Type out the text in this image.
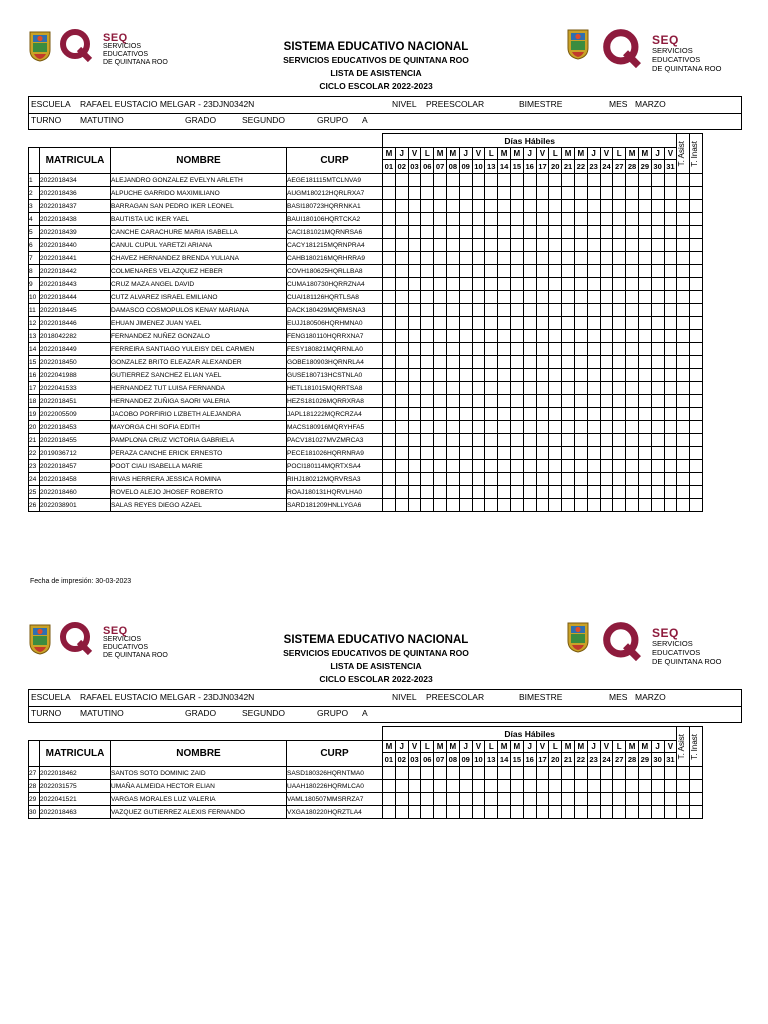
SEQ
SERVICIOS
EDUCATIVOS
DE QUINTANA ROO
SISTEMA EDUCATIVO NACIONAL
SERVICIOS EDUCATIVOS DE QUINTANA ROO
LISTA DE ASISTENCIA
CICLO ESCOLAR 2022-2023
SEQ
SERVICIOS
EDUCATIVOS
DE QUINTANA ROO
ESCUELA RAFAEL EUSTACIO MELGAR - 23DJN0342N	NIVEL PREESCOLAR	BIMESTRE	MES MARZO
TURNO MATUTINO	GRADO	SEGUNDO	GRUPO A
				Días Hábiles																							T. Asist	T. Inast

	MATRICULA	NOMBRE	CURP	M	J	V	L	M	M	J	V	L	M	M	J	V	L	M	M	J	V	L	M	M	J	V		
				01	02	03	06	07	08	09	10	13	14	15	16	17	20	21	22	23	24	27	28	29	30	31		
1	2022018434	ALEJANDRO GONZALEZ EVELYN ARLETH	AEGE181115MTCLNVA9																									
2	2022018436	ALPUCHE GARRIDO MAXIMILIANO	AUGM180212HQRLRXA7																									
3	2022018437	BARRAGAN SAN PEDRO IKER LEONEL	BASI180723HQRRNKA1																									
4	2022018438	BAUTISTA UC IKER YAEL	BAUI180106HQRTCKA2																									
5	2022018439	CANCHE CARACHURE MARIA ISABELLA	CACI181021MQRNRSA6																									
6	2022018440	CANUL CUPUL YARETZI ARIANA	CACY181215MQRNPRA4																									
7	2022018441	CHAVEZ HERNANDEZ BRENDA YULIANA	CAHB180216MQRHRRA9																									
8	2022018442	COLMENARES VELAZQUEZ HEBER	COVH180625HQRLLBA8																									
9	2022018443	CRUZ MAZA ANGEL DAVID	CUMA180730HQRRZNA4																									
10	2022018444	CUTZ ALVAREZ ISRAEL EMILIANO	CUAI181126HQRTLSA8																									
11	2022018445	DAMASCO COSMOPULOS KENAY MARIANA	DACK180429MQRMSNA3																									
12	2022018446	EHUAN JIMENEZ JUAN YAEL	EUJJ180506HQRHMNA0																									
13	2018042282	FERNANDEZ NUÑEZ GONZALO	FENG180110HQRRXNA7																									
14	2022018449	FERREIRA SANTIAGO YULEISY DEL CARMEN	FESY180821MQRRNLA0																									
15	2022018450	GONZALEZ BRITO ELEAZAR ALEXANDER	GOBE180903HQRNRLA4																									
16	2022041988	GUTIERREZ SANCHEZ ELIAN YAEL	GUSE180713HCSTNLA0																									
17	2022041533	HERNANDEZ TUT LUISA FERNANDA	HETL181015MQRRTSA8																									
18	2022018451	HERNANDEZ ZUÑIGA SAORI VALERIA	HEZS181026MQRRXRA8																									
19	2022005509	JACOBO PORFIRIO LIZBETH ALEJANDRA	JAPL181222MQRCRZA4																									
20	2022018453	MAYORGA CHI SOFIA EDITH	MACS180916MQRYHFA5																									
21	2022018455	PAMPLONA CRUZ VICTORIA GABRIELA	PACV181027MVZMRCA3																									
22	2019036712	PERAZA CANCHE ERICK ERNESTO	PECE181026HQRRNRA9																									
23	2022018457	POOT CIAU ISABELLA MARIE	POCI180114MQRTXSA4																									
24	2022018458	RIVAS HERRERA JESSICA ROMINA	RIHJ180212MQRVRSA3																									
25	2022018460	ROVELO ALEJO JHOSEF ROBERTO	ROAJ180131HQRVLHA0																									
26	2022038901	SALAS REYES DIEGO AZAEL	SARD181209HNLLYGA6																									
Fecha de impresión: 30-03-2023
SEQ
SERVICIOS
EDUCATIVOS
DE QUINTANA ROO
SISTEMA EDUCATIVO NACIONAL
SERVICIOS EDUCATIVOS DE QUINTANA ROO
LISTA DE ASISTENCIA
CICLO ESCOLAR 2022-2023
SEQ
SERVICIOS
EDUCATIVOS
DE QUINTANA ROO
ESCUELA RAFAEL EUSTACIO MELGAR - 23DJN0342N	NIVEL PREESCOLAR	BIMESTRE	MES MARZO
TURNO MATUTINO	GRADO	SEGUNDO	GRUPO A
				Días Hábiles																							T. Asist	T. Inast

	MATRICULA	NOMBRE	CURP	M	J	V	L	M	M	J	V	L	M	M	J	V	L	M	M	J	V	L	M	M	J	V		
				01	02	03	06	07	08	09	10	13	14	15	16	17	20	21	22	23	24	27	28	29	30	31		
27	2022018462	SANTOS SOTO DOMINIC ZAID	SASD180326HQRNTMA0																									
28	2022031575	UMAÑA ALMEIDA HECTOR ELIAN	UAAH180226HQRMLCA0																									
29	2022041521	VARGAS MORALES LUZ VALERIA	VAML180507MMSRRZA7																									
30	2022018463	VAZQUEZ GUTIERREZ ALEXIS FERNANDO	VXGA180220HQRZTLA4																									
